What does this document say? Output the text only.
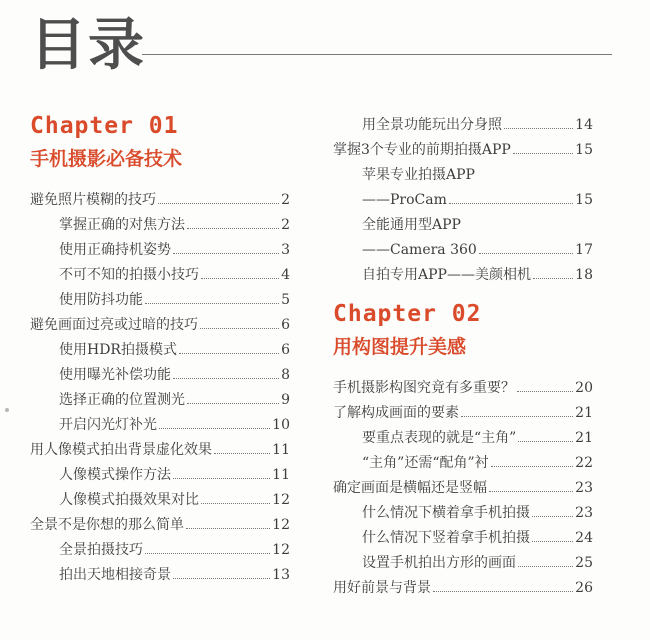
目录
Chapter 01
手机摄影必备技术
避免照片模糊的技巧	2
掌握正确的对焦方法	2
使用正确持机姿势	3
不可不知的拍摄小技巧	4
使用防抖功能	5
避免画面过亮或过暗的技巧	6
使用HDR拍摄模式	6
使用曝光补偿功能	8
选择正确的位置测光	9
开启闪光灯补光	10
用人像模式拍出背景虚化效果	11
人像模式操作方法	11
人像模式拍摄效果对比	12
全景不是你想的那么简单	12
全景拍摄技巧	12
拍出天地相接奇景	13
用全景功能玩出分身照	14
掌握3个专业的前期拍摄APP	15
苹果专业拍摄APP
——ProCam	15
全能通用型APP
——Camera 360	17
自拍专用APP——美颜相机	18
Chapter 02
用构图提升美感
手机摄影构图究竟有多重要？	20
了解构成画面的要素	21
要重点表现的就是“主角”	21
“主角”还需“配角”衬	22
确定画面是横幅还是竖幅	23
什么情况下横着拿手机拍摄	23
什么情况下竖着拿手机拍摄	24
设置手机拍出方形的画面	25
用好前景与背景	26
